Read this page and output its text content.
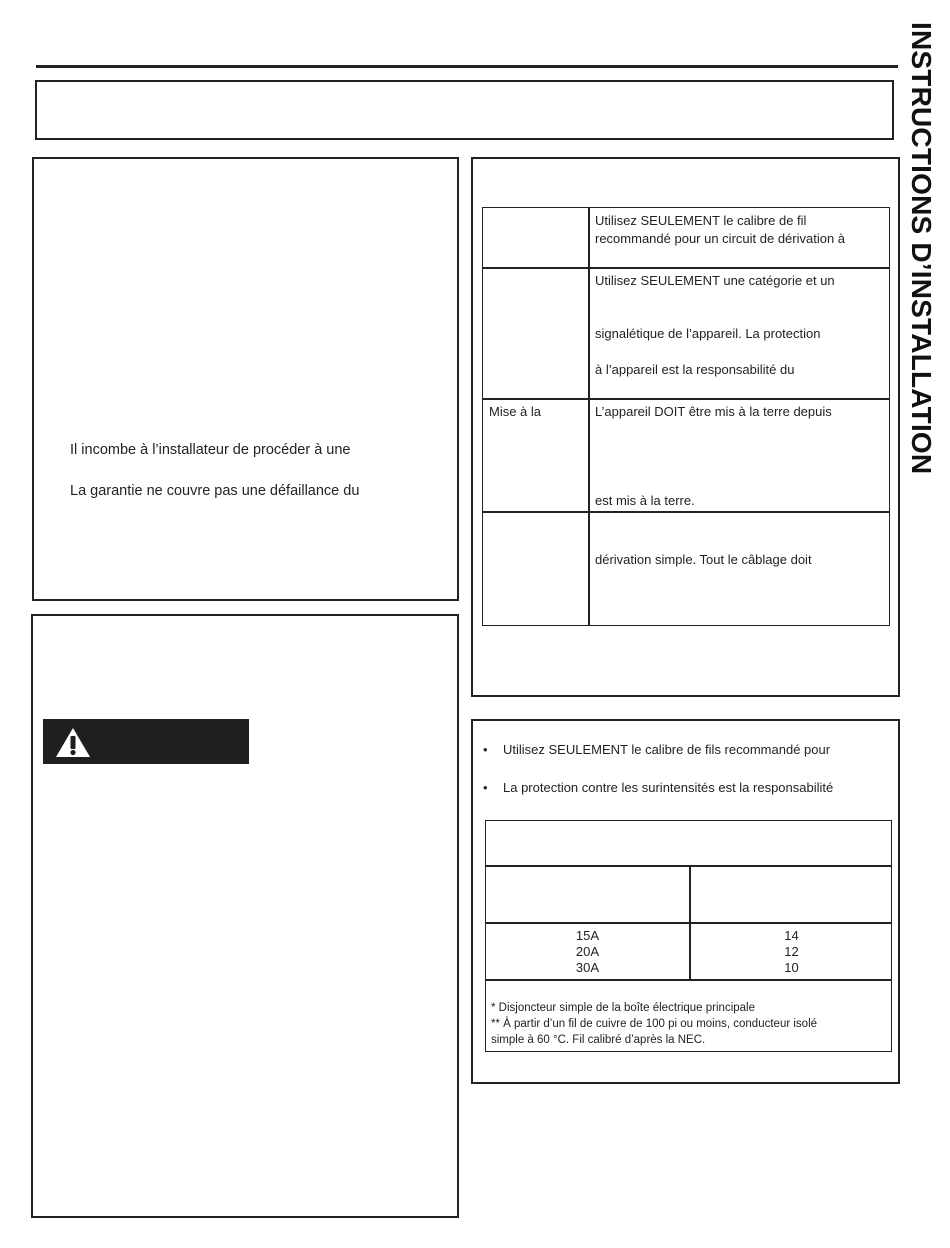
INSTRUCTIONS D’INSTALLATION
Il incombe à l’installateur de procéder à une
La garantie ne couvre pas une défaillance du
Utilisez SEULEMENT le calibre de fil
recommandé pour un circuit de dérivation à
Utilisez SEULEMENT une catégorie et un
signalétique de l’appareil. La protection
à l’appareil est la responsabilité du
Mise à la	L’appareil DOIT être mis à la terre depuis
est mis à la terre.
dérivation simple. Tout le câblage doit
• Utilisez SEULEMENT le calibre de fils recommandé pour
• La protection contre les surintensités est la responsabilité
15A
20A
30A
14
12
10
* Disjoncteur simple de la boîte électrique principale
** À partir d’un fil de cuivre de 100 pi ou moins, conducteur isolé
simple à 60 °C. Fil calibré d’après la NEC.
